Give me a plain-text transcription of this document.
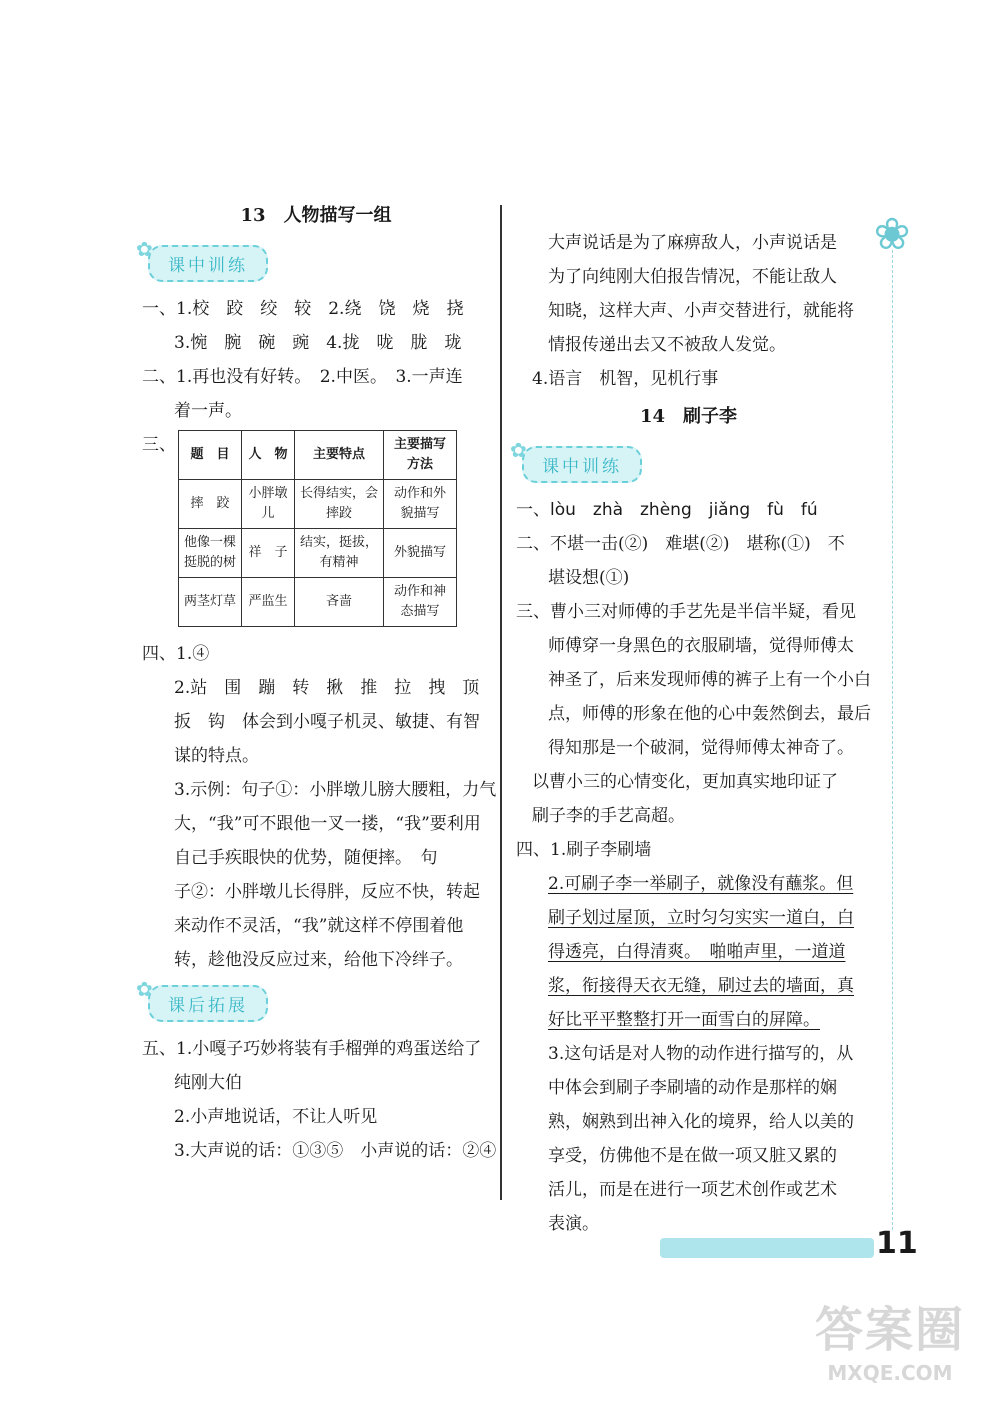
❀
13　人物描写一组
✿
课中训练
一、1.校　跤　绞　较　2.绕　饶　烧　挠
3.惋　腕　碗　豌　4.拢　咙　胧　珑
二、1.再也没有好转。　2.中医。　3.一声连
着一声。
三、 题　目	人　物	主要特点	主要描写方法
摔　跤	小胖墩儿	长得结实，会摔跤	动作和外貌描写
他像一棵挺脱的树	祥　子	结实，挺拔，有精神	外貌描写
两茎灯草	严监生	吝啬	动作和神态描写
四、1.④
2.站　围　蹦　转　揪　推　拉　拽　顶
扳　钩　体会到小嘎子机灵、敏捷、有智
谋的特点。
3.示例：句子①：小胖墩儿膀大腰粗，力气
大，“我”可不跟他一叉一搂，“我”要利用
自己手疾眼快的优势，随便摔。　句
子②：小胖墩儿长得胖，反应不快，转起
来动作不灵活，“我”就这样不停围着他
转，趁他没反应过来，给他下冷绊子。
✿
课后拓展
五、1.小嘎子巧妙将装有手榴弹的鸡蛋送给了
纯刚大伯
2.小声地说话，不让人听见
3.大声说的话：①③⑤　小声说的话：②④
大声说话是为了麻痹敌人，小声说话是
为了向纯刚大伯报告情况，不能让敌人
知晓，这样大声、小声交替进行，就能将
情报传递出去又不被敌人发觉。
4.语言　机智，见机行事
14　刷子李
✿
课中训练
一、lòu　zhà　zhèng　jiǎng　fù　fú
二、不堪一击(②)　难堪(②)　堪称(①)　不
堪设想(①)
三、曹小三对师傅的手艺先是半信半疑，看见
师傅穿一身黑色的衣服刷墙，觉得师傅太
神圣了，后来发现师傅的裤子上有一个小白
点，师傅的形象在他的心中轰然倒去，最后
得知那是一个破洞，觉得师傅太神奇了。
以曹小三的心情变化，更加真实地印证了
刷子李的手艺高超。
四、1.刷子李刷墙
2.可刷子李一举刷子，就像没有蘸浆。但
刷子划过屋顶，立时匀匀实实一道白，白
得透亮，白得清爽。　啪啪声里，一道道
浆，衔接得天衣无缝，刷过去的墙面，真
好比平平整整打开一面雪白的屏障。
3.这句话是对人物的动作进行描写的，从
中体会到刷子李刷墙的动作是那样的娴
熟，娴熟到出神入化的境界，给人以美的
享受，仿佛他不是在做一项又脏又累的
活儿，而是在进行一项艺术创作或艺术
表演。
11
答案圈
MXQE.COM
